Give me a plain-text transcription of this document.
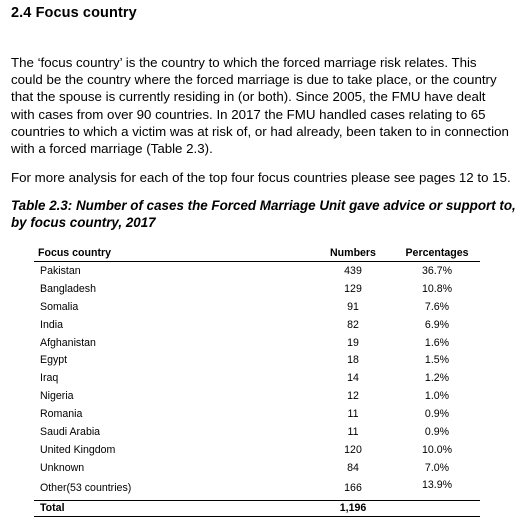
2.4 Focus country

The ‘focus country’ is the country to which the forced marriage risk relates. This could be the country where the forced marriage is due to take place, or the country that the spouse is currently residing in (or both). Since 2005, the FMU have dealt with cases from over 90 countries. In 2017 the FMU handled cases relating to 65 countries to which a victim was at risk of, or had already, been taken to in connection with a forced marriage (Table 2.3).

For more analysis for each of the top four focus countries please see pages 12 to 15.

Table 2.3: Number of cases the Forced Marriage Unit gave advice or support to, by focus country, 2017

Focus country	Numbers	Percentages
Pakistan	439	36.7%
Bangladesh	129	10.8%
Somalia	91	7.6%
India	82	6.9%
Afghanistan	19	1.6%
Egypt	18	1.5%
Iraq	14	1.2%
Nigeria	12	1.0%
Romania	11	0.9%
Saudi Arabia	11	0.9%
United Kingdom	120	10.0%
Unknown	84	7.0%
Other(53 countries)	166	13.9%
Total	1,196	
